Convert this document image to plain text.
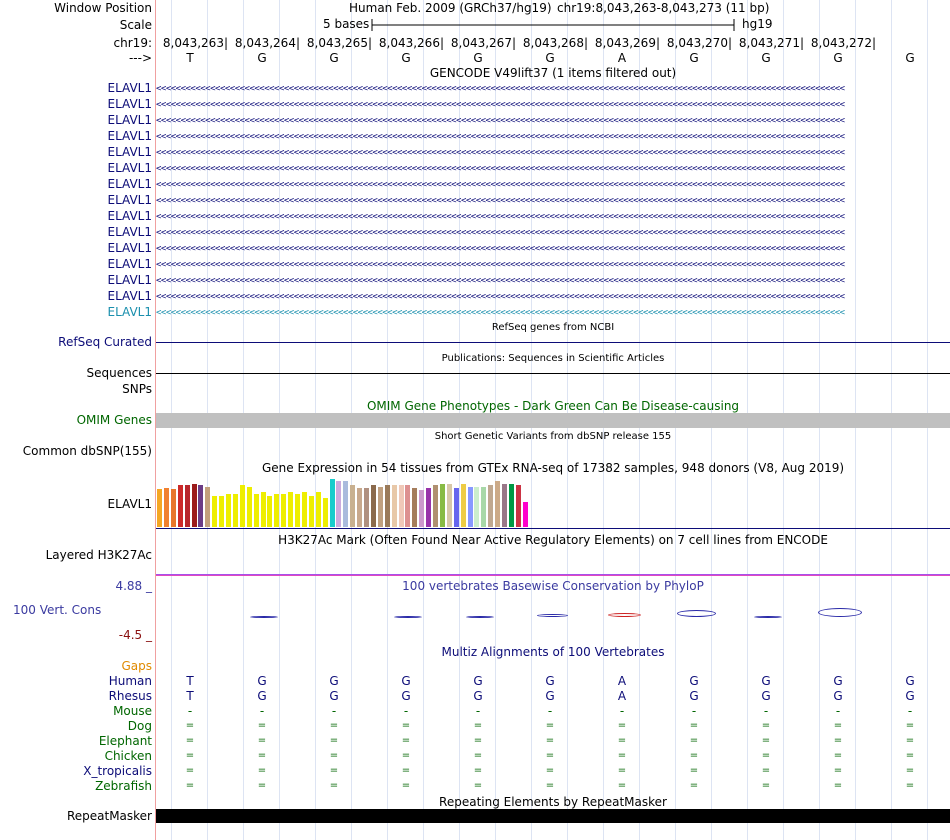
Window Position	Human Feb. 2009 (GRCh37/hg19) chr19:8,043,263-8,043,273 (11 bp)
Scale	5 bases	hg19
chr19: 8,043,263| 8,043,264| 8,043,265| 8,043,266| 8,043,267| 8,043,268| 8,043,269| 8,043,270| 8,043,271| 8,043,272|
--->	T	G	G	G	G	G	A	G	G	G	G
GENCODE V49lift37 (1 items filtered out)
ELAVL1 <<<<<<<<<<<<<<<<<<<<<<<<<<<<<<<<<<<<<<<<<<<<<<<<<<<<<<<<<<<<<<<<<<<<<<<<<<<<<<<<<<<<<<<<<<<<<<<<<<<<<<<<<<<<<<<<<<<<<<<<<<<<<<<<<<<<<<<<<<<<
ELAVL1 <<<<<<<<<<<<<<<<<<<<<<<<<<<<<<<<<<<<<<<<<<<<<<<<<<<<<<<<<<<<<<<<<<<<<<<<<<<<<<<<<<<<<<<<<<<<<<<<<<<<<<<<<<<<<<<<<<<<<<<<<<<<<<<<<<<<<<<<<<<<
ELAVL1 <<<<<<<<<<<<<<<<<<<<<<<<<<<<<<<<<<<<<<<<<<<<<<<<<<<<<<<<<<<<<<<<<<<<<<<<<<<<<<<<<<<<<<<<<<<<<<<<<<<<<<<<<<<<<<<<<<<<<<<<<<<<<<<<<<<<<<<<<<<<
ELAVL1 <<<<<<<<<<<<<<<<<<<<<<<<<<<<<<<<<<<<<<<<<<<<<<<<<<<<<<<<<<<<<<<<<<<<<<<<<<<<<<<<<<<<<<<<<<<<<<<<<<<<<<<<<<<<<<<<<<<<<<<<<<<<<<<<<<<<<<<<<<<<
ELAVL1 <<<<<<<<<<<<<<<<<<<<<<<<<<<<<<<<<<<<<<<<<<<<<<<<<<<<<<<<<<<<<<<<<<<<<<<<<<<<<<<<<<<<<<<<<<<<<<<<<<<<<<<<<<<<<<<<<<<<<<<<<<<<<<<<<<<<<<<<<<<<
ELAVL1 <<<<<<<<<<<<<<<<<<<<<<<<<<<<<<<<<<<<<<<<<<<<<<<<<<<<<<<<<<<<<<<<<<<<<<<<<<<<<<<<<<<<<<<<<<<<<<<<<<<<<<<<<<<<<<<<<<<<<<<<<<<<<<<<<<<<<<<<<<<<
ELAVL1 <<<<<<<<<<<<<<<<<<<<<<<<<<<<<<<<<<<<<<<<<<<<<<<<<<<<<<<<<<<<<<<<<<<<<<<<<<<<<<<<<<<<<<<<<<<<<<<<<<<<<<<<<<<<<<<<<<<<<<<<<<<<<<<<<<<<<<<<<<<<
ELAVL1 <<<<<<<<<<<<<<<<<<<<<<<<<<<<<<<<<<<<<<<<<<<<<<<<<<<<<<<<<<<<<<<<<<<<<<<<<<<<<<<<<<<<<<<<<<<<<<<<<<<<<<<<<<<<<<<<<<<<<<<<<<<<<<<<<<<<<<<<<<<<
ELAVL1 <<<<<<<<<<<<<<<<<<<<<<<<<<<<<<<<<<<<<<<<<<<<<<<<<<<<<<<<<<<<<<<<<<<<<<<<<<<<<<<<<<<<<<<<<<<<<<<<<<<<<<<<<<<<<<<<<<<<<<<<<<<<<<<<<<<<<<<<<<<<
ELAVL1 <<<<<<<<<<<<<<<<<<<<<<<<<<<<<<<<<<<<<<<<<<<<<<<<<<<<<<<<<<<<<<<<<<<<<<<<<<<<<<<<<<<<<<<<<<<<<<<<<<<<<<<<<<<<<<<<<<<<<<<<<<<<<<<<<<<<<<<<<<<<
ELAVL1 <<<<<<<<<<<<<<<<<<<<<<<<<<<<<<<<<<<<<<<<<<<<<<<<<<<<<<<<<<<<<<<<<<<<<<<<<<<<<<<<<<<<<<<<<<<<<<<<<<<<<<<<<<<<<<<<<<<<<<<<<<<<<<<<<<<<<<<<<<<<
ELAVL1 <<<<<<<<<<<<<<<<<<<<<<<<<<<<<<<<<<<<<<<<<<<<<<<<<<<<<<<<<<<<<<<<<<<<<<<<<<<<<<<<<<<<<<<<<<<<<<<<<<<<<<<<<<<<<<<<<<<<<<<<<<<<<<<<<<<<<<<<<<<<
ELAVL1 <<<<<<<<<<<<<<<<<<<<<<<<<<<<<<<<<<<<<<<<<<<<<<<<<<<<<<<<<<<<<<<<<<<<<<<<<<<<<<<<<<<<<<<<<<<<<<<<<<<<<<<<<<<<<<<<<<<<<<<<<<<<<<<<<<<<<<<<<<<<
ELAVL1 <<<<<<<<<<<<<<<<<<<<<<<<<<<<<<<<<<<<<<<<<<<<<<<<<<<<<<<<<<<<<<<<<<<<<<<<<<<<<<<<<<<<<<<<<<<<<<<<<<<<<<<<<<<<<<<<<<<<<<<<<<<<<<<<<<<<<<<<<<<<
ELAVL1 <<<<<<<<<<<<<<<<<<<<<<<<<<<<<<<<<<<<<<<<<<<<<<<<<<<<<<<<<<<<<<<<<<<<<<<<<<<<<<<<<<<<<<<<<<<<<<<<<<<<<<<<<<<<<<<<<<<<<<<<<<<<<<<<<<<<<<<<<<<<
RefSeq genes from NCBI
RefSeq Curated
Publications: Sequences in Scientific Articles
Sequences
SNPs
OMIM Gene Phenotypes - Dark Green Can Be Disease-causing
OMIM Genes
Short Genetic Variants from dbSNP release 155
Common dbSNP(155)
Gene Expression in 54 tissues from GTEx RNA-seq of 17382 samples, 948 donors (V8, Aug 2019)
ELAVL1
H3K27Ac Mark (Often Found Near Active Regulatory Elements) on 7 cell lines from ENCODE
Layered H3K27Ac
100 vertebrates Basewise Conservation by PhyloP
4.88 _
100 Vert. Cons
-4.5 _
Multiz Alignments of 100 Vertebrates
Gaps
Human	T	G	G	G	G	G	A	G	G	G	G
Rhesus	T	G	G	G	G	G	A	G	G	G	G
Mouse	-	-	-	-	-	-	-	-	-	-	-
Dog	=	=	=	=	=	=	=	=	=	=	=
Elephant	=	=	=	=	=	=	=	=	=	=	=
Chicken	=	=	=	=	=	=	=	=	=	=	=
X_tropicalis	=	=	=	=	=	=	=	=	=	=	=
Zebrafish	=	=	=	=	=	=	=	=	=	=	=
Repeating Elements by RepeatMasker
RepeatMasker
